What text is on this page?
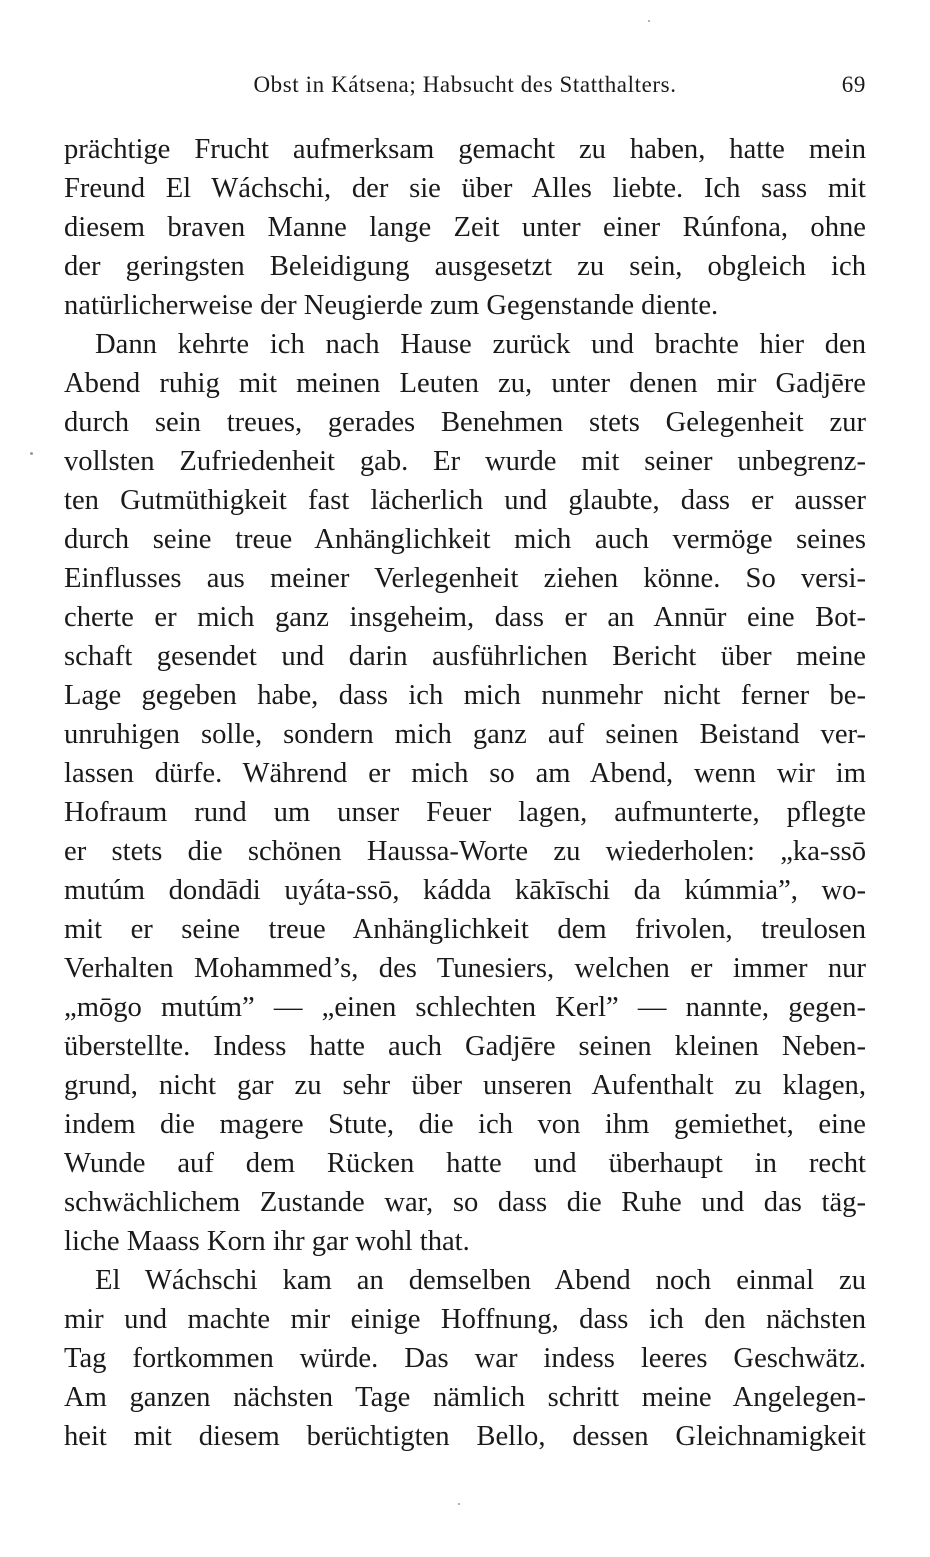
Obst in Kátsena; Habsucht des Statthalters.	69
prächtige Frucht aufmerksam gemacht zu haben, hatte mein
Freund El Wáchschi, der sie über Alles liebte. Ich sass mit
diesem braven Manne lange Zeit unter einer Rúnfona, ohne
der geringsten Beleidigung ausgesetzt zu sein, obgleich ich
natürlicherweise der Neugierde zum Gegenstande diente.
Dann kehrte ich nach Hause zurück und brachte hier den
Abend ruhig mit meinen Leuten zu, unter denen mir Gadjēre
durch sein treues, gerades Benehmen stets Gelegenheit zur
vollsten Zufriedenheit gab. Er wurde mit seiner unbegrenz-
ten Gutmüthigkeit fast lächerlich und glaubte, dass er ausser
durch seine treue Anhänglichkeit mich auch vermöge seines
Einflusses aus meiner Verlegenheit ziehen könne. So versi-
cherte er mich ganz insgeheim, dass er an Annūr eine Bot-
schaft gesendet und darin ausführlichen Bericht über meine
Lage gegeben habe, dass ich mich nunmehr nicht ferner be-
unruhigen solle, sondern mich ganz auf seinen Beistand ver-
lassen dürfe. Während er mich so am Abend, wenn wir im
Hofraum rund um unser Feuer lagen, aufmunterte, pflegte
er stets die schönen Haussa-Worte zu wiederholen: „ka-ssō
mutúm dondādi uyáta-ssō, kádda kākīschi da kúmmia”, wo-
mit er seine treue Anhänglichkeit dem frivolen, treulosen
Verhalten Mohammed’s, des Tunesiers, welchen er immer nur
„mōgo mutúm” — „einen schlechten Kerl” — nannte, gegen-
überstellte. Indess hatte auch Gadjēre seinen kleinen Neben-
grund, nicht gar zu sehr über unseren Aufenthalt zu klagen,
indem die magere Stute, die ich von ihm gemiethet, eine
Wunde auf dem Rücken hatte und überhaupt in recht
schwächlichem Zustande war, so dass die Ruhe und das täg-
liche Maass Korn ihr gar wohl that.
El Wáchschi kam an demselben Abend noch einmal zu
mir und machte mir einige Hoffnung, dass ich den nächsten
Tag fortkommen würde. Das war indess leeres Geschwätz.
Am ganzen nächsten Tage nämlich schritt meine Angelegen-
heit mit diesem berüchtigten Bello, dessen Gleichnamigkeit
